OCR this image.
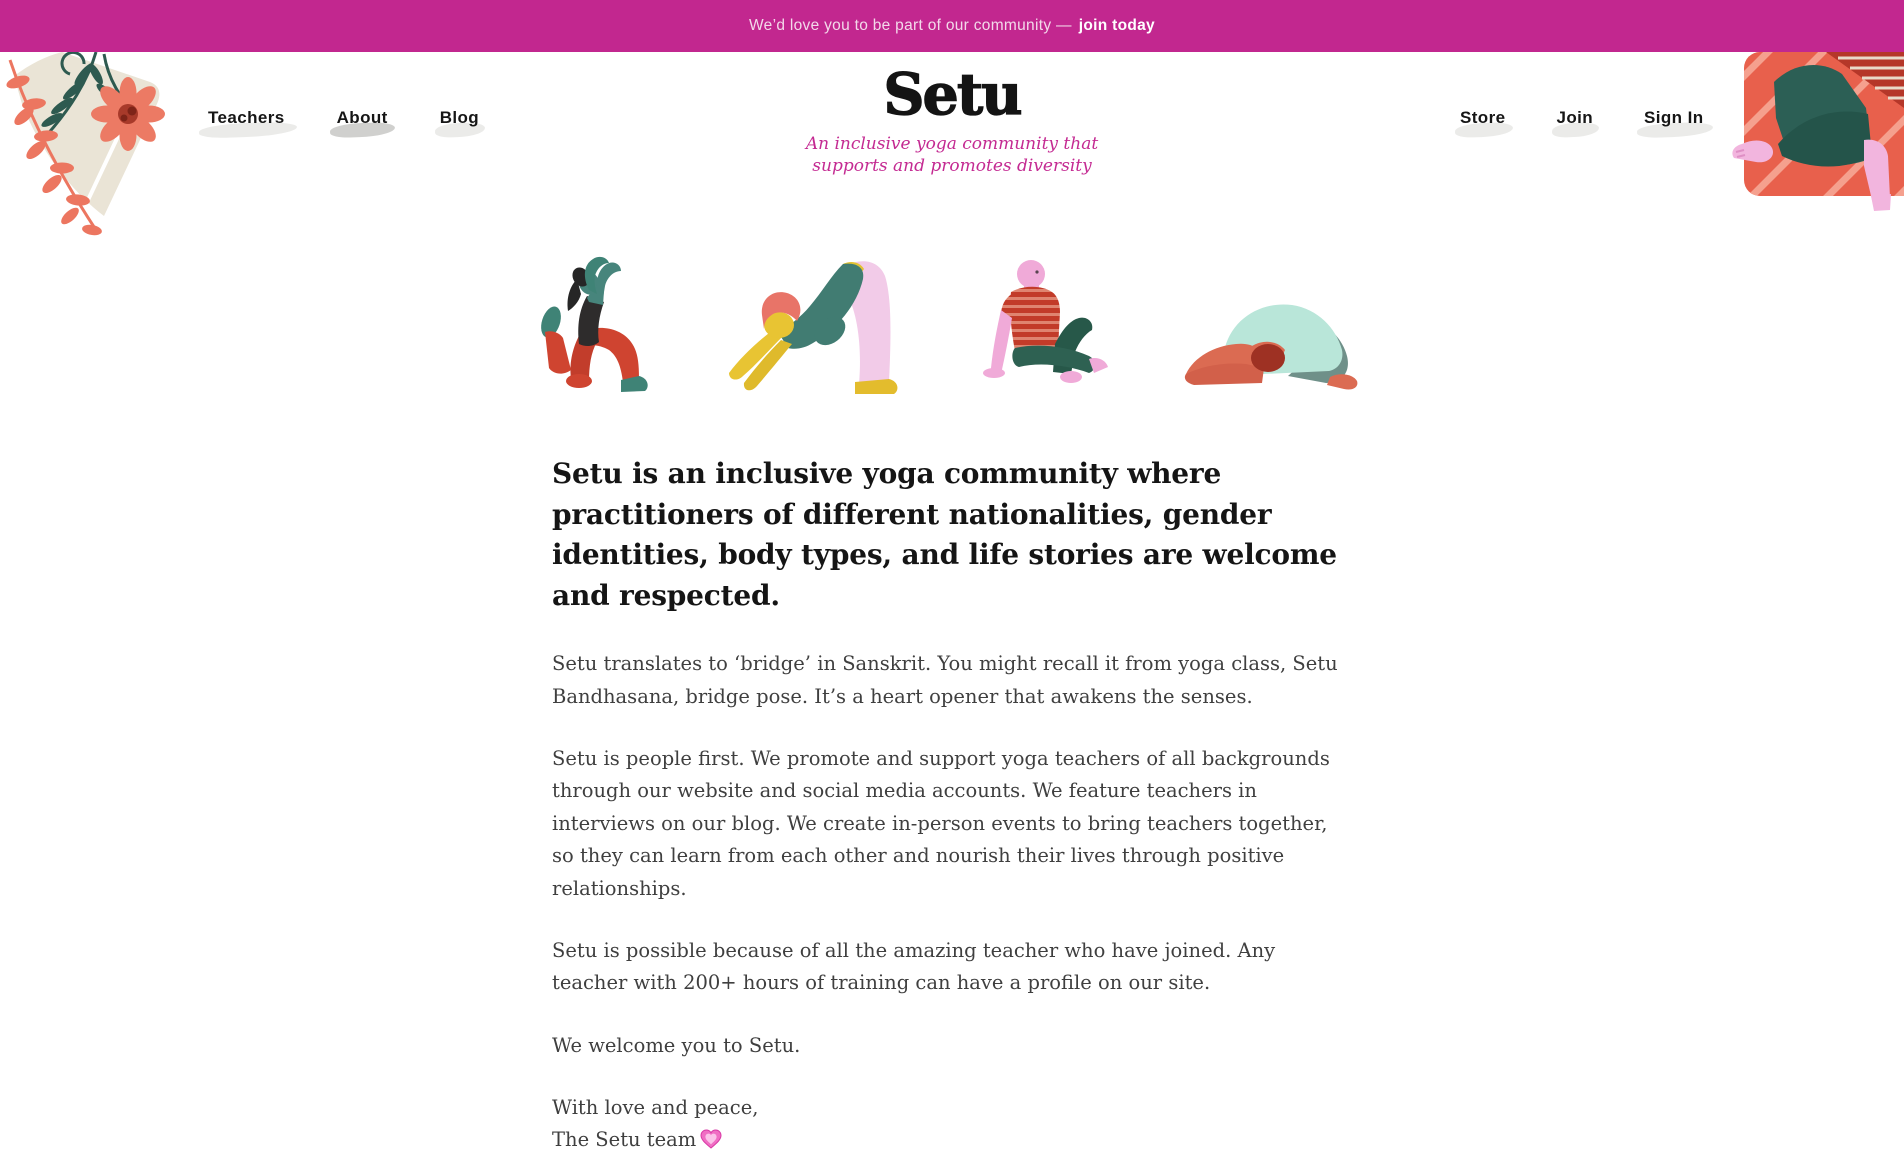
We’d love you to be part of our community — join today
Teachers	About	Blog	Setu
An inclusive yoga community that
supports and promotes diversity
Store	Join	Sign In
Setu is an inclusive yoga community where practitioners of different nationalities, gender identities, body types, and life stories are welcome and respected.

Setu translates to ‘bridge’ in Sanskrit. You might recall it from yoga class, Setu Bandhasana, bridge pose. It’s a heart opener that awakens the senses.

Setu is people first. We promote and support yoga teachers of all backgrounds through our website and social media accounts. We feature teachers in interviews on our blog. We create in-person events to bring teachers together, so they can learn from each other and nourish their lives through positive relationships.

Setu is possible because of all the amazing teacher who have joined. Any teacher with 200+ hours of training can have a profile on our site.

We welcome you to Setu.

With love and peace,
The Setu team
